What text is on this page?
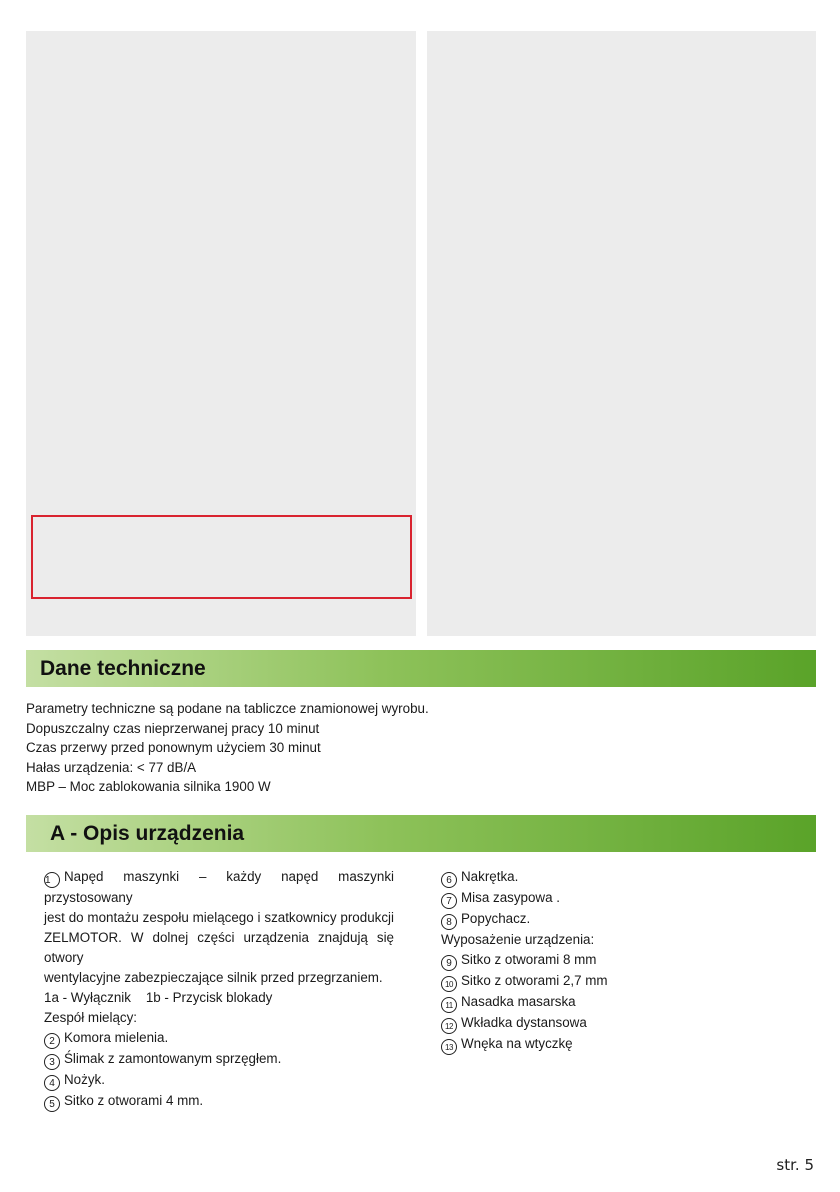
Dane techniczne
Parametry techniczne są podane na tabliczce znamionowej wyrobu.
Dopuszczalny czas nieprzerwanej pracy 10 minut
Czas przerwy przed ponownym użyciem 30 minut
Hałas urządzenia: < 77 dB/A
MBP – Moc zablokowania silnika 1900 W
A - Opis urządzenia
1 Napęd maszynki – każdy napęd maszynki przystosowany
jest do montażu zespołu mielącego i szatkownicy produkcji
ZELMOTOR. W dolnej części urządzenia znajdują się otwory
wentylacyjne zabezpieczające silnik przed przegrzaniem.
1a - Wyłącznik    1b - Przycisk blokady
Zespół mielący:
2 Komora mielenia.
3 Ślimak z zamontowanym sprzęgłem.
4 Nożyk.
5 Sitko z otworami 4 mm.
6 Nakrętka.
7 Misa zasypowa .
8 Popychacz.
Wyposażenie urządzenia:
9 Sitko z otworami 8 mm
10 Sitko z otworami 2,7 mm
11 Nasadka masarska
12 Wkładka dystansowa
13 Wnęka na wtyczkę
str. 5
